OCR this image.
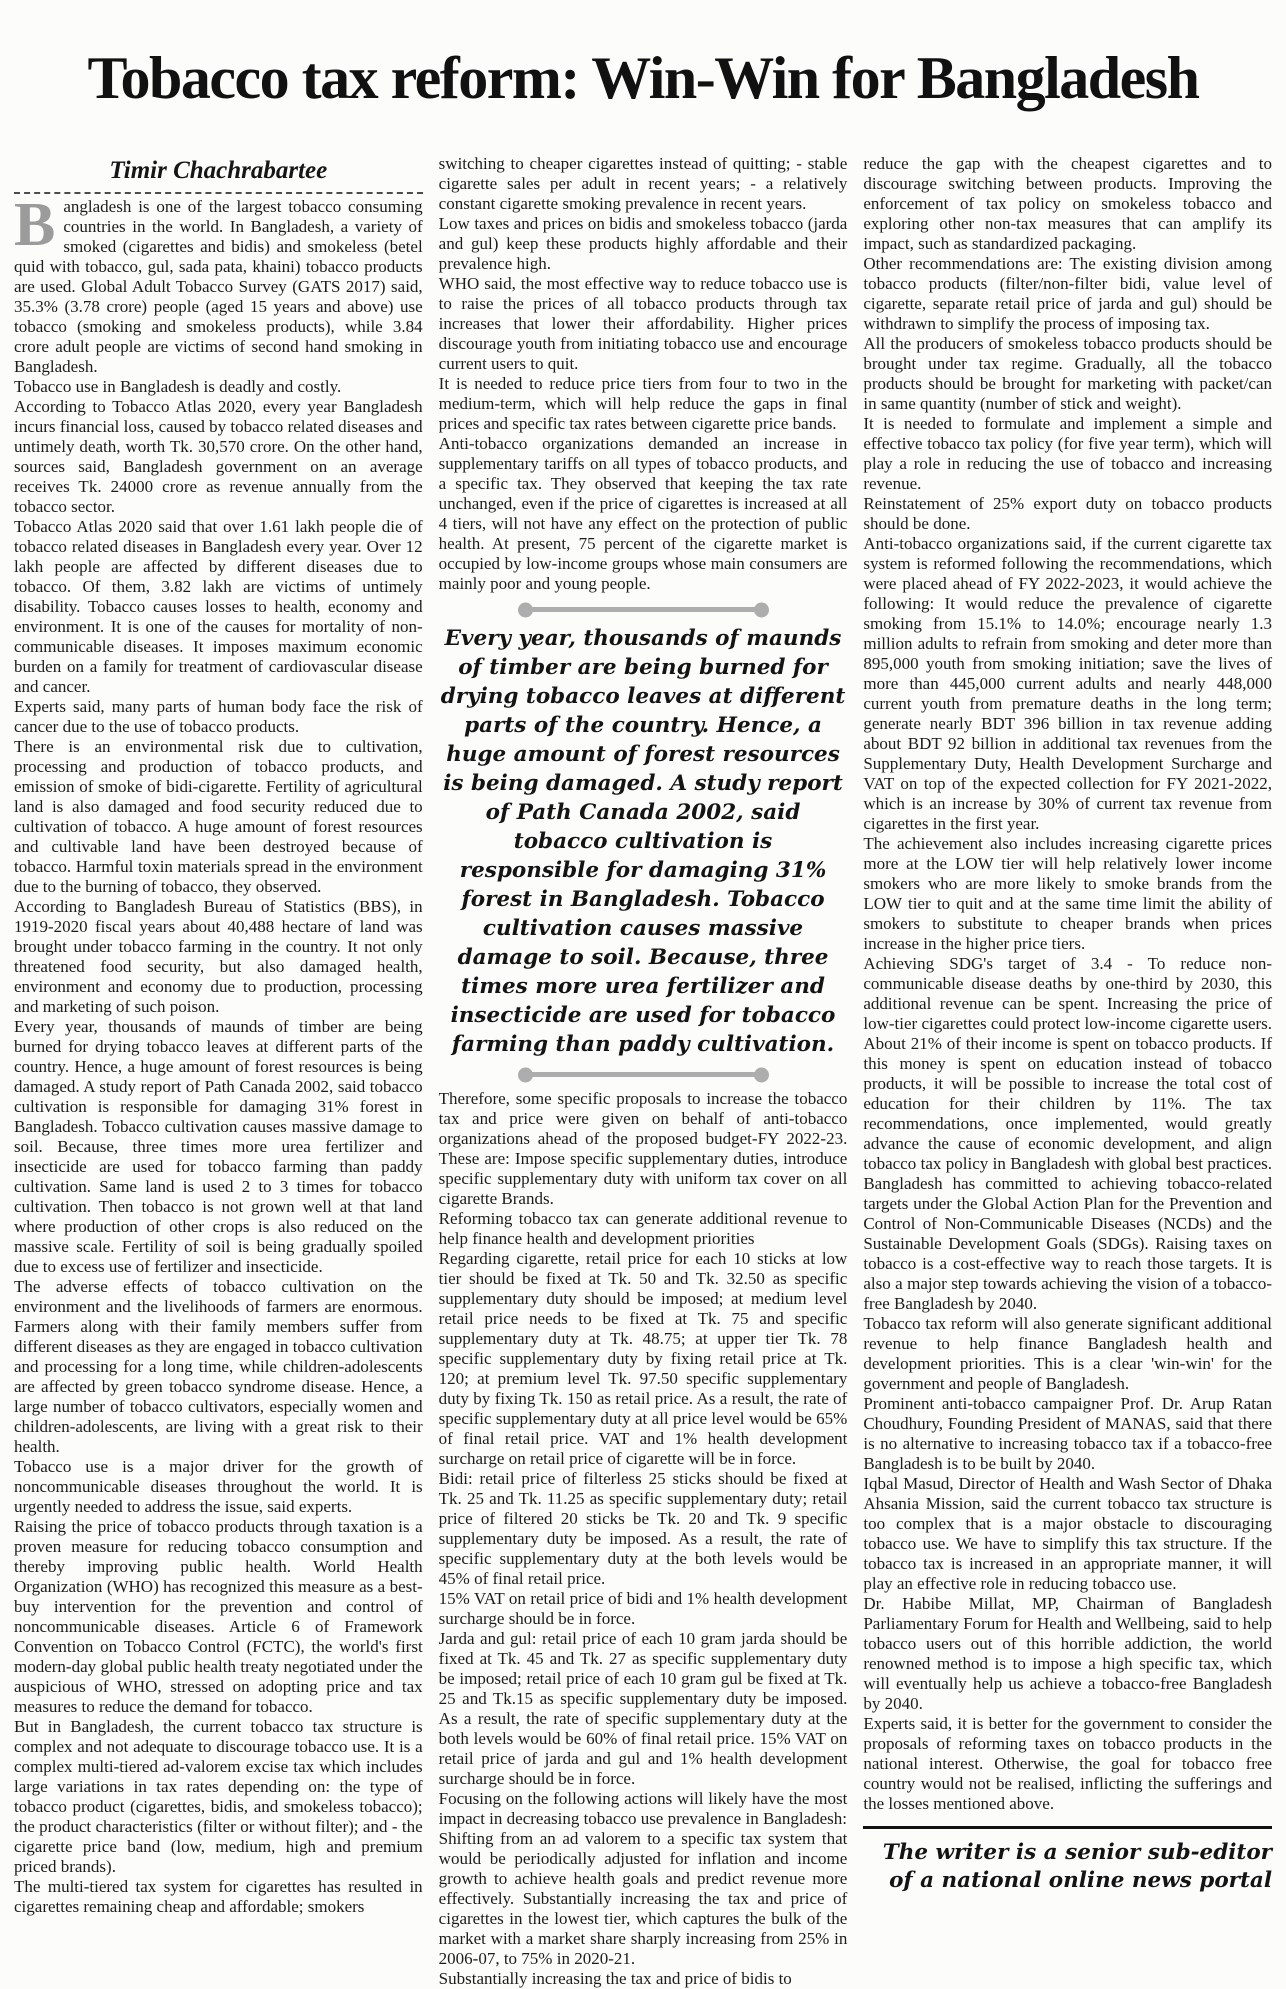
Tobacco tax reform: Win-Win for Bangladesh
Timir Chachrabartee

Bangladesh is one of the largest tobacco consuming countries in the world. In Bangladesh, a variety of smoked (cigarettes and bidis) and smokeless (betel quid with tobacco, gul, sada pata, khaini) tobacco products are used. Global Adult Tobacco Survey (GATS 2017) said, 35.3% (3.78 crore) people (aged 15 years and above) use tobacco (smoking and smokeless products), while 3.84 crore adult people are victims of second hand smoking in Bangladesh.

Tobacco use in Bangladesh is deadly and costly.

According to Tobacco Atlas 2020, every year Bangladesh incurs financial loss, caused by tobacco related diseases and untimely death, worth Tk. 30,570 crore. On the other hand, sources said, Bangladesh government on an average receives Tk. 24000 crore as revenue annually from the tobacco sector.

Tobacco Atlas 2020 said that over 1.61 lakh people die of tobacco related diseases in Bangladesh every year. Over 12 lakh people are affected by different diseases due to tobacco. Of them, 3.82 lakh are victims of untimely disability. Tobacco causes losses to health, economy and environment. It is one of the causes for mortality of non-communicable diseases. It imposes maximum economic burden on a family for treatment of cardiovascular disease and cancer.

Experts said, many parts of human body face the risk of cancer due to the use of tobacco products.

There is an environmental risk due to cultivation, processing and production of tobacco products, and emission of smoke of bidi-cigarette. Fertility of agricultural land is also damaged and food security reduced due to cultivation of tobacco. A huge amount of forest resources and cultivable land have been destroyed because of tobacco. Harmful toxin materials spread in the environment due to the burning of tobacco, they observed.

According to Bangladesh Bureau of Statistics (BBS), in 1919-2020 fiscal years about 40,488 hectare of land was brought under tobacco farming in the country. It not only threatened food security, but also damaged health, environment and economy due to production, processing and marketing of such poison.

Every year, thousands of maunds of timber are being burned for drying tobacco leaves at different parts of the country. Hence, a huge amount of forest resources is being damaged. A study report of Path Canada 2002, said tobacco cultivation is responsible for damaging 31% forest in Bangladesh. Tobacco cultivation causes massive damage to soil. Because, three times more urea fertilizer and insecticide are used for tobacco farming than paddy cultivation. Same land is used 2 to 3 times for tobacco cultivation. Then tobacco is not grown well at that land where production of other crops is also reduced on the massive scale. Fertility of soil is being gradually spoiled due to excess use of fertilizer and insecticide.

The adverse effects of tobacco cultivation on the environment and the livelihoods of farmers are enormous. Farmers along with their family members suffer from different diseases as they are engaged in tobacco cultivation and processing for a long time, while children-adolescents are affected by green tobacco syndrome disease. Hence, a large number of tobacco cultivators, especially women and children-adolescents, are living with a great risk to their health.

Tobacco use is a major driver for the growth of noncommunicable diseases throughout the world. It is urgently needed to address the issue, said experts.

Raising the price of tobacco products through taxation is a proven measure for reducing tobacco consumption and thereby improving public health. World Health Organization (WHO) has recognized this measure as a best-buy intervention for the prevention and control of noncommunicable diseases. Article 6 of Framework Convention on Tobacco Control (FCTC), the world's first modern-day global public health treaty negotiated under the auspicious of WHO, stressed on adopting price and tax measures to reduce the demand for tobacco.

But in Bangladesh, the current tobacco tax structure is complex and not adequate to discourage tobacco use. It is a complex multi-tiered ad-valorem excise tax which includes large variations in tax rates depending on: the type of tobacco product (cigarettes, bidis, and smokeless tobacco); the product characteristics (filter or without filter); and - the cigarette price band (low, medium, high and premium priced brands).

The multi-tiered tax system for cigarettes has resulted in cigarettes remaining cheap and affordable; smokers

switching to cheaper cigarettes instead of quitting; - stable cigarette sales per adult in recent years; - a relatively constant cigarette smoking prevalence in recent years.

Low taxes and prices on bidis and smokeless tobacco (jarda and gul) keep these products highly affordable and their prevalence high.

WHO said, the most effective way to reduce tobacco use is to raise the prices of all tobacco products through tax increases that lower their affordability. Higher prices discourage youth from initiating tobacco use and encourage current users to quit.

It is needed to reduce price tiers from four to two in the medium-term, which will help reduce the gaps in final prices and specific tax rates between cigarette price bands.

Anti-tobacco organizations demanded an increase in supplementary tariffs on all types of tobacco products, and a specific tax. They observed that keeping the tax rate unchanged, even if the price of cigarettes is increased at all 4 tiers, will not have any effect on the protection of public health. At present, 75 percent of the cigarette market is occupied by low-income groups whose main consumers are mainly poor and young people.

Every year, thousands of maunds of timber are being burned for drying tobacco leaves at different parts of the country. Hence, a huge amount of forest resources is being damaged. A study report of Path Canada 2002, said tobacco cultivation is responsible for damaging 31% forest in Bangladesh. Tobacco cultivation causes massive damage to soil. Because, three times more urea fertilizer and insecticide are used for tobacco farming than paddy cultivation.

Therefore, some specific proposals to increase the tobacco tax and price were given on behalf of anti-tobacco organizations ahead of the proposed budget-FY 2022-23. These are: Impose specific supplementary duties, introduce specific supplementary duty with uniform tax cover on all cigarette Brands.

Reforming tobacco tax can generate additional revenue to help finance health and development priorities

Regarding cigarette, retail price for each 10 sticks at low tier should be fixed at Tk. 50 and Tk. 32.50 as specific supplementary duty should be imposed; at medium level retail price needs to be fixed at Tk. 75 and specific supplementary duty at Tk. 48.75; at upper tier Tk. 78 specific supplementary duty by fixing retail price at Tk. 120; at premium level Tk. 97.50 specific supplementary duty by fixing Tk. 150 as retail price. As a result, the rate of specific supplementary duty at all price level would be 65% of final retail price. VAT and 1% health development surcharge on retail price of cigarette will be in force.

Bidi: retail price of filterless 25 sticks should be fixed at Tk. 25 and Tk. 11.25 as specific supplementary duty; retail price of filtered 20 sticks be Tk. 20 and Tk. 9 specific supplementary duty be imposed. As a result, the rate of specific supplementary duty at the both levels would be 45% of final retail price.

15% VAT on retail price of bidi and 1% health development surcharge should be in force.

Jarda and gul: retail price of each 10 gram jarda should be fixed at Tk. 45 and Tk. 27 as specific supplementary duty be imposed; retail price of each 10 gram gul be fixed at Tk. 25 and Tk.15 as specific supplementary duty be imposed. As a result, the rate of specific supplementary duty at the both levels would be 60% of final retail price. 15% VAT on retail price of jarda and gul and 1% health development surcharge should be in force.

Focusing on the following actions will likely have the most impact in decreasing tobacco use prevalence in Bangladesh:

Shifting from an ad valorem to a specific tax system that would be periodically adjusted for inflation and income growth to achieve health goals and predict revenue more effectively. Substantially increasing the tax and price of cigarettes in the lowest tier, which captures the bulk of the market with a market share sharply increasing from 25% in 2006-07, to 75% in 2020-21.

Substantially increasing the tax and price of bidis to

reduce the gap with the cheapest cigarettes and to discourage switching between products. Improving the enforcement of tax policy on smokeless tobacco and exploring other non-tax measures that can amplify its impact, such as standardized packaging.

Other recommendations are: The existing division among tobacco products (filter/non-filter bidi, value level of cigarette, separate retail price of jarda and gul) should be withdrawn to simplify the process of imposing tax.

All the producers of smokeless tobacco products should be brought under tax regime. Gradually, all the tobacco products should be brought for marketing with packet/can in same quantity (number of stick and weight).

It is needed to formulate and implement a simple and effective tobacco tax policy (for five year term), which will play a role in reducing the use of tobacco and increasing revenue.

Reinstatement of 25% export duty on tobacco products should be done.

Anti-tobacco organizations said, if the current cigarette tax system is reformed following the recommendations, which were placed ahead of FY 2022-2023, it would achieve the following: It would reduce the prevalence of cigarette smoking from 15.1% to 14.0%; encourage nearly 1.3 million adults to refrain from smoking and deter more than 895,000 youth from smoking initiation; save the lives of more than 445,000 current adults and nearly 448,000 current youth from premature deaths in the long term; generate nearly BDT 396 billion in tax revenue adding about BDT 92 billion in additional tax revenues from the Supplementary Duty, Health Development Surcharge and VAT on top of the expected collection for FY 2021-2022, which is an increase by 30% of current tax revenue from cigarettes in the first year.

The achievement also includes increasing cigarette prices more at the LOW tier will help relatively lower income smokers who are more likely to smoke brands from the LOW tier to quit and at the same time limit the ability of smokers to substitute to cheaper brands when prices increase in the higher price tiers.

Achieving SDG's target of 3.4 - To reduce non-communicable disease deaths by one-third by 2030, this additional revenue can be spent. Increasing the price of low-tier cigarettes could protect low-income cigarette users. About 21% of their income is spent on tobacco products. If this money is spent on education instead of tobacco products, it will be possible to increase the total cost of education for their children by 11%. The tax recommendations, once implemented, would greatly advance the cause of economic development, and align tobacco tax policy in Bangladesh with global best practices. Bangladesh has committed to achieving tobacco-related targets under the Global Action Plan for the Prevention and Control of Non-Communicable Diseases (NCDs) and the Sustainable Development Goals (SDGs). Raising taxes on tobacco is a cost-effective way to reach those targets. It is also a major step towards achieving the vision of a tobacco-free Bangladesh by 2040.

Tobacco tax reform will also generate significant additional revenue to help finance Bangladesh health and development priorities. This is a clear 'win-win' for the government and people of Bangladesh.

Prominent anti-tobacco campaigner Prof. Dr. Arup Ratan Choudhury, Founding President of MANAS, said that there is no alternative to increasing tobacco tax if a tobacco-free Bangladesh is to be built by 2040.

Iqbal Masud, Director of Health and Wash Sector of Dhaka Ahsania Mission, said the current tobacco tax structure is too complex that is a major obstacle to discouraging tobacco use. We have to simplify this tax structure. If the tobacco tax is increased in an appropriate manner, it will play an effective role in reducing tobacco use.

Dr. Habibe Millat, MP, Chairman of Bangladesh Parliamentary Forum for Health and Wellbeing, said to help tobacco users out of this horrible addiction, the world renowned method is to impose a high specific tax, which will eventually help us achieve a tobacco-free Bangladesh by 2040.

Experts said, it is better for the government to consider the proposals of reforming taxes on tobacco products in the national interest. Otherwise, the goal for tobacco free country would not be realised, inflicting the sufferings and the losses mentioned above.

The writer is a senior sub-editor
of a national online news portal
